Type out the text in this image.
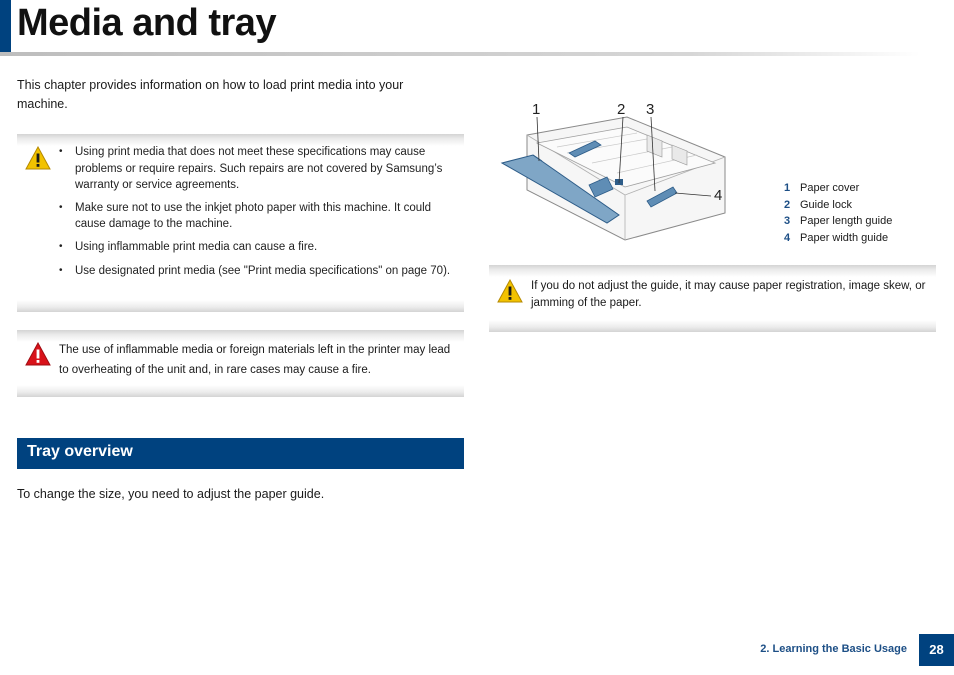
Media and tray
This chapter provides information on how to load print media into your machine.
• Using print media that does not meet these specifications may cause problems or require repairs. Such repairs are not covered by Samsung’s warranty or service agreements.
• Make sure not to use the inkjet photo paper with this machine. It could cause damage to the machine.
• Using inflammable print media can cause a fire.
• Use designated print media (see "Print media specifications" on page 70).
The use of inflammable media or foreign materials left in the printer may lead to overheating of the unit and, in rare cases may cause a fire.
Tray overview
To change the size, you need to adjust the paper guide.
1	2 3
4	1 Paper cover
2 Guide lock
3 Paper length guide
4 Paper width guide
If you do not adjust the guide, it may cause paper registration, image skew, or jamming of the paper.
2. Learning the Basic Usage	28
